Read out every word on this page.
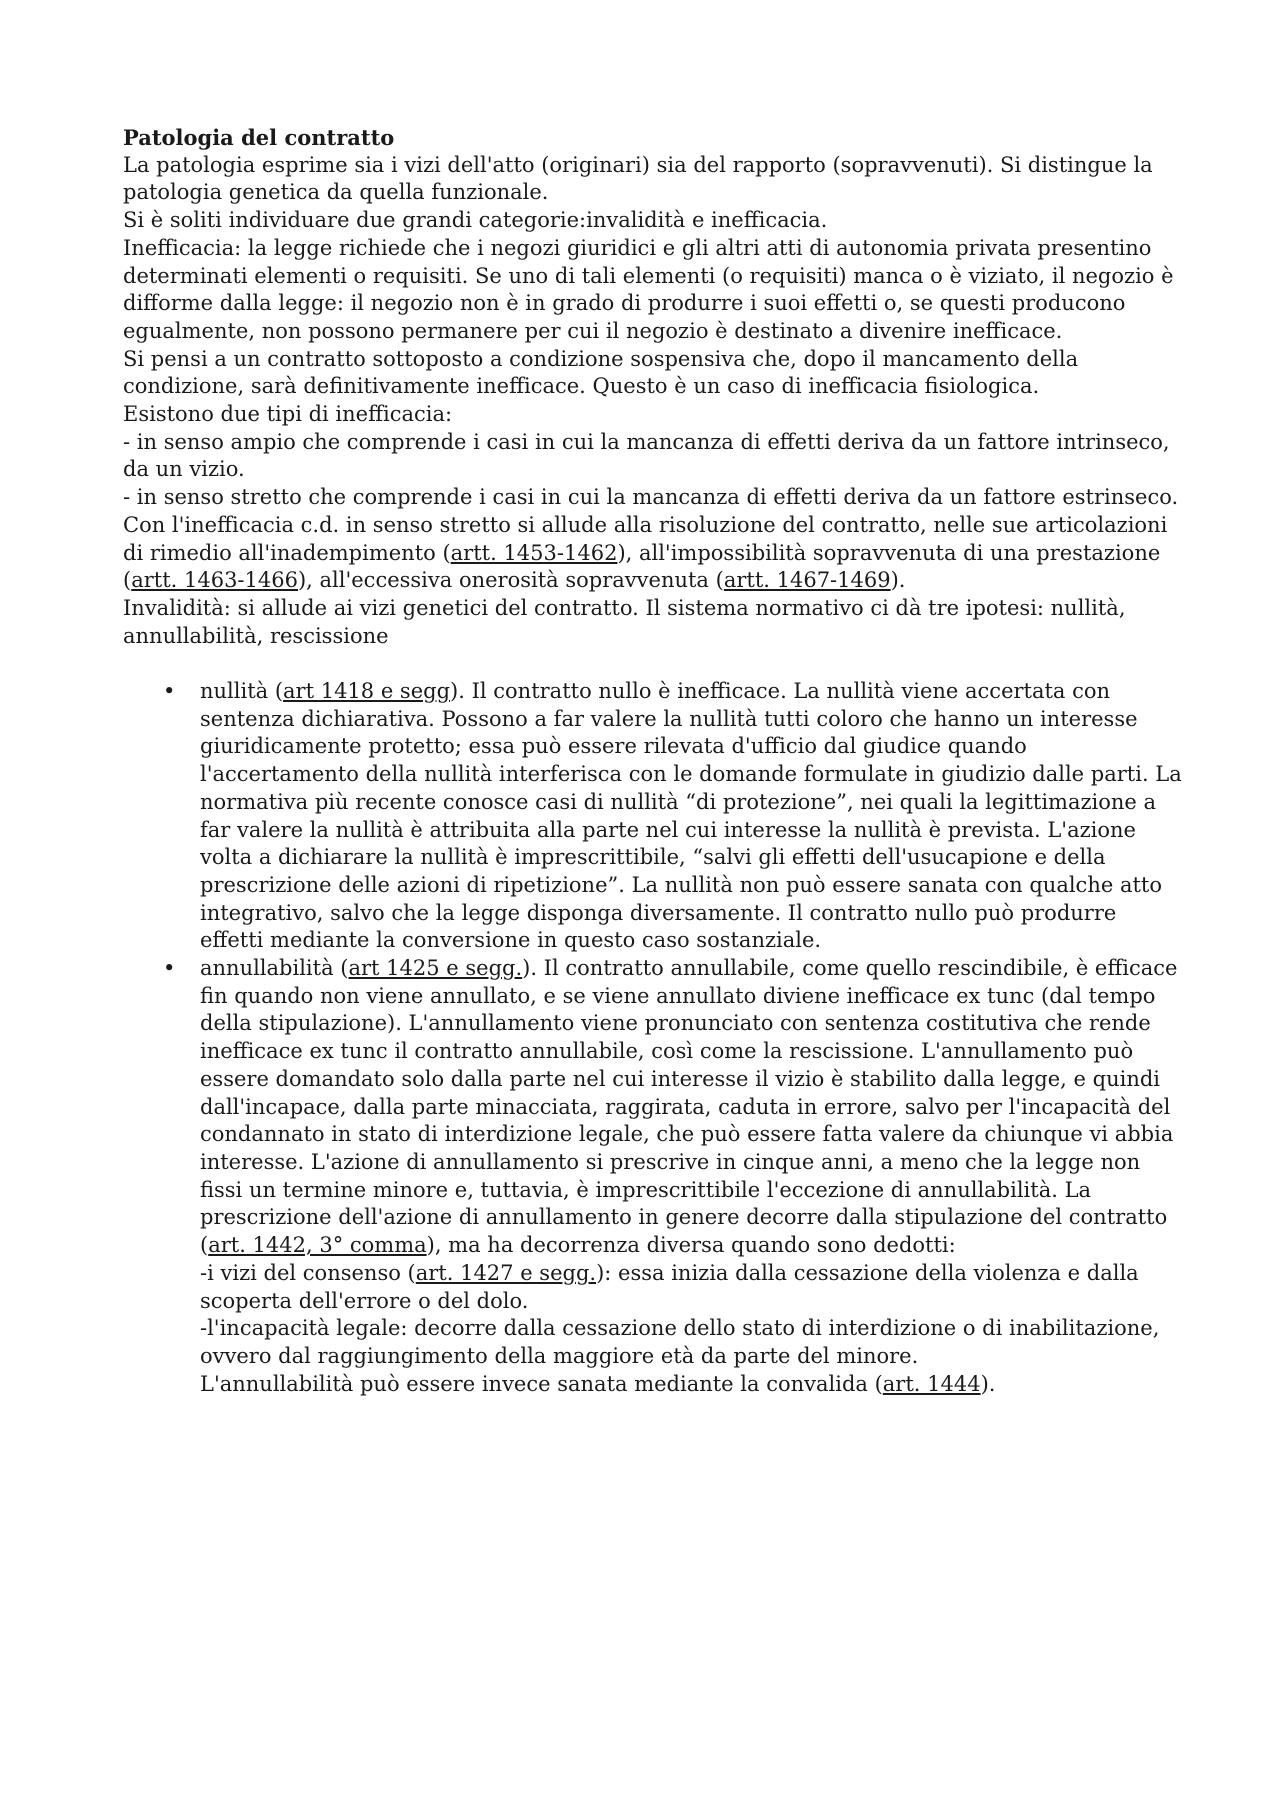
Patologia del contratto
La patologia esprime sia i vizi dell'atto (originari) sia del rapporto (sopravvenuti). Si distingue la patologia genetica da quella funzionale.
Si è soliti individuare due grandi categorie:invalidità e inefficacia.
Inefficacia: la legge richiede che i negozi giuridici e gli altri atti di autonomia privata presentino determinati elementi o requisiti. Se uno di tali elementi (o requisiti) manca o è viziato, il negozio è difforme dalla legge: il negozio non è in grado di produrre i suoi effetti o, se questi producono egualmente, non possono permanere per cui il negozio è destinato a divenire inefficace.
Si pensi a un contratto sottoposto a condizione sospensiva che, dopo il mancamento della condizione, sarà definitivamente inefficace. Questo è un caso di inefficacia fisiologica.
Esistono due tipi di inefficacia:
- in senso ampio che comprende i casi in cui la mancanza di effetti deriva da un fattore intrinseco, da un vizio.
- in senso stretto che comprende i casi in cui la mancanza di effetti deriva da un fattore estrinseco.
Con l'inefficacia c.d. in senso stretto si allude alla risoluzione del contratto, nelle sue articolazioni di rimedio all'inadempimento (artt. 1453-1462), all'impossibilità sopravvenuta di una prestazione (artt. 1463-1466), all'eccessiva onerosità sopravvenuta (artt. 1467-1469).
Invalidità: si allude ai vizi genetici del contratto. Il sistema normativo ci dà tre ipotesi: nullità, annullabilità, rescissione
• nullità (art 1418 e segg). Il contratto nullo è inefficace. La nullità viene accertata con sentenza dichiarativa. Possono a far valere la nullità tutti coloro che hanno un interesse giuridicamente protetto; essa può essere rilevata d'ufficio dal giudice quando l'accertamento della nullità interferisca con le domande formulate in giudizio dalle parti. La normativa più recente conosce casi di nullità “di protezione”, nei quali la legittimazione a far valere la nullità è attribuita alla parte nel cui interesse la nullità è prevista. L'azione volta a dichiarare la nullità è imprescrittibile, “salvi gli effetti dell'usucapione e della prescrizione delle azioni di ripetizione”. La nullità non può essere sanata con qualche atto integrativo, salvo che la legge disponga diversamente. Il contratto nullo può produrre effetti mediante la conversione in questo caso sostanziale.
• annullabilità (art 1425 e segg.). Il contratto annullabile, come quello rescindibile, è efficace fin quando non viene annullato, e se viene annullato diviene inefficace ex tunc (dal tempo della stipulazione). L'annullamento viene pronunciato con sentenza costitutiva che rende inefficace ex tunc il contratto annullabile, così come la rescissione. L'annullamento può essere domandato solo dalla parte nel cui interesse il vizio è stabilito dalla legge, e quindi dall'incapace, dalla parte minacciata, raggirata, caduta in errore, salvo per l'incapacità del condannato in stato di interdizione legale, che può essere fatta valere da chiunque vi abbia interesse. L'azione di annullamento si prescrive in cinque anni, a meno che la legge non fissi un termine minore e, tuttavia, è imprescrittibile l'eccezione di annullabilità. La prescrizione dell'azione di annullamento in genere decorre dalla stipulazione del contratto (art. 1442, 3° comma), ma ha decorrenza diversa quando sono dedotti:
-i vizi del consenso (art. 1427 e segg.): essa inizia dalla cessazione della violenza e dalla scoperta dell'errore o del dolo.
-l'incapacità legale: decorre dalla cessazione dello stato di interdizione o di inabilitazione, ovvero dal raggiungimento della maggiore età da parte del minore.
L'annullabilità può essere invece sanata mediante la convalida (art. 1444).
